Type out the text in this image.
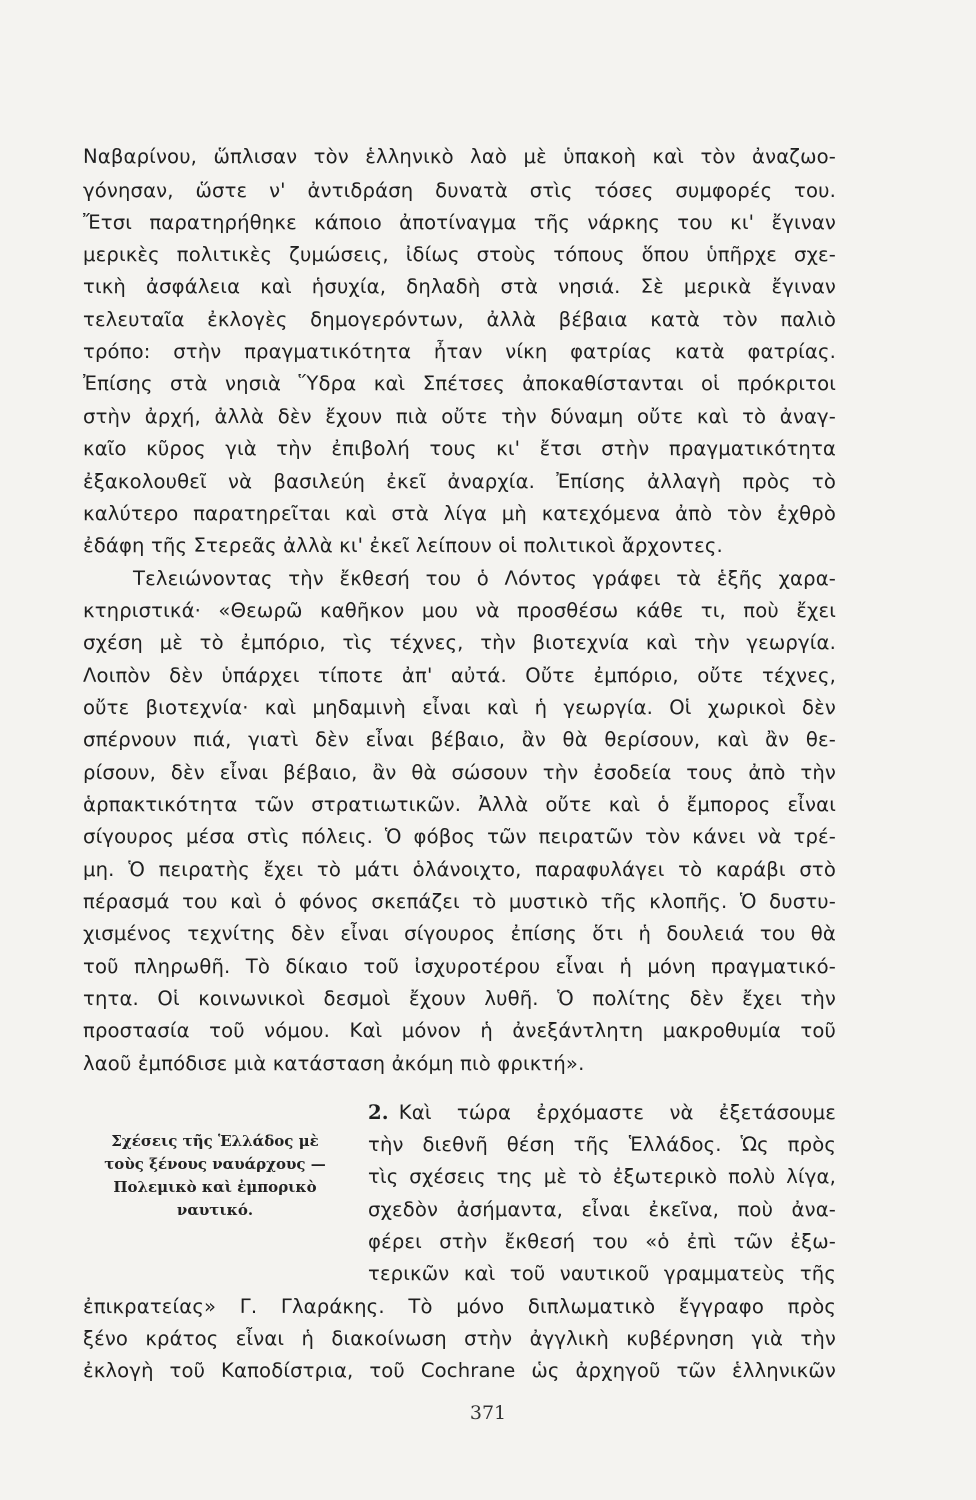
Ναβαρίνου, ὥπλισαν τὸν ἑλληνικὸ λαὸ μὲ ὑπακοὴ καὶ τὸν ἀναζωο-
γόνησαν, ὥστε ν' ἀντιδράση δυνατὰ στὶς τόσες συμφορές του.
Ἔτσι παρατηρήθηκε κάποιο ἀποτίναγμα τῆς νάρκης του κι' ἔγιναν
μερικὲς πολιτικὲς ζυμώσεις, ἰδίως στοὺς τόπους ὅπου ὑπῆρχε σχε-
τικὴ ἀσφάλεια καὶ ἡσυχία, δηλαδὴ στὰ νησιά. Σὲ μερικὰ ἔγιναν
τελευταῖα ἐκλογὲς δημογερόντων, ἀλλὰ βέβαια κατὰ τὸν παλιὸ
τρόπο: στὴν πραγματικότητα ἦταν νίκη φατρίας κατὰ φατρίας.
Ἐπίσης στὰ νησιὰ Ὕδρα καὶ Σπέτσες ἀποκαθίστανται οἱ πρόκριτοι
στὴν ἀρχή, ἀλλὰ δὲν ἔχουν πιὰ οὔτε τὴν δύναμη οὔτε καὶ τὸ ἀναγ-
καῖο κῦρος γιὰ τὴν ἐπιβολή τους κι' ἔτσι στὴν πραγματικότητα
ἐξακολουθεῖ νὰ βασιλεύη ἐκεῖ ἀναρχία. Ἐπίσης ἀλλαγὴ πρὸς τὸ
καλύτερο παρατηρεῖται καὶ στὰ λίγα μὴ κατεχόμενα ἀπὸ τὸν ἐχθρὸ
ἐδάφη τῆς Στερεᾶς ἀλλὰ κι' ἐκεῖ λείπουν οἱ πολιτικοὶ ἄρχοντες.
Τελειώνοντας τὴν ἔκθεσή του ὁ Λόντος γράφει τὰ ἑξῆς χαρα-
κτηριστικά· «Θεωρῶ καθῆκον μου νὰ προσθέσω κάθε τι, ποὺ ἔχει
σχέση μὲ τὸ ἐμπόριο, τὶς τέχνες, τὴν βιοτεχνία καὶ τὴν γεωργία.
Λοιπὸν δὲν ὑπάρχει τίποτε ἀπ' αὐτά. Οὔτε ἐμπόριο, οὔτε τέχνες,
οὔτε βιοτεχνία· καὶ μηδαμινὴ εἶναι καὶ ἡ γεωργία. Οἱ χωρικοὶ δὲν
σπέρνουν πιά, γιατὶ δὲν εἶναι βέβαιο, ἂν θὰ θερίσουν, καὶ ἂν θε-
ρίσουν, δὲν εἶναι βέβαιο, ἂν θὰ σώσουν τὴν ἐσοδεία τους ἀπὸ τὴν
ἁρπακτικότητα τῶν στρατιωτικῶν. Ἀλλὰ οὔτε καὶ ὁ ἔμπορος εἶναι
σίγουρος μέσα στὶς πόλεις. Ὁ φόβος τῶν πειρατῶν τὸν κάνει νὰ τρέ-
μη. Ὁ πειρατὴς ἔχει τὸ μάτι ὁλάνοιχτο, παραφυλάγει τὸ καράβι στὸ
πέρασμά του καὶ ὁ φόνος σκεπάζει τὸ μυστικὸ τῆς κλοπῆς. Ὁ δυστυ-
χισμένος τεχνίτης δὲν εἶναι σίγουρος ἐπίσης ὅτι ἡ δουλειά του θὰ
τοῦ πληρωθῆ. Τὸ δίκαιο τοῦ ἰσχυροτέρου εἶναι ἡ μόνη πραγματικό-
τητα. Οἱ κοινωνικοὶ δεσμοὶ ἔχουν λυθῆ. Ὁ πολίτης δὲν ἔχει τὴν
προστασία τοῦ νόμου. Καὶ μόνον ἡ ἀνεξάντλητη μακροθυμία τοῦ
λαοῦ ἐμπόδισε μιὰ κατάσταση ἀκόμη πιὸ φρικτή».
Σχέσεις τῆς Ἑλλάδος μὲ
τοὺς ξένους ναυάρχους —
Πολεμικὸ καὶ ἐμπορικὸ
ναυτικό.
2. Καὶ τώρα ἐρχόμαστε νὰ ἐξετάσουμε
τὴν διεθνῆ θέση τῆς Ἑλλάδος. Ὡς πρὸς
τὶς σχέσεις της μὲ τὸ ἐξωτερικὸ πολὺ λίγα,
σχεδὸν ἀσήμαντα, εἶναι ἐκεῖνα, ποὺ ἀνα-
φέρει στὴν ἔκθεσή του «ὁ ἐπὶ τῶν ἐξω-
τερικῶν καὶ τοῦ ναυτικοῦ γραμματεὺς τῆς
ἐπικρατείας» Γ. Γλαράκης. Τὸ μόνο διπλωματικὸ ἔγγραφο πρὸς
ξένο κράτος εἶναι ἡ διακοίνωση στὴν ἀγγλικὴ κυβέρνηση γιὰ τὴν
ἐκλογὴ τοῦ Καποδίστρια, τοῦ Cochrane ὡς ἀρχηγοῦ τῶν ἑλληνικῶν
371
